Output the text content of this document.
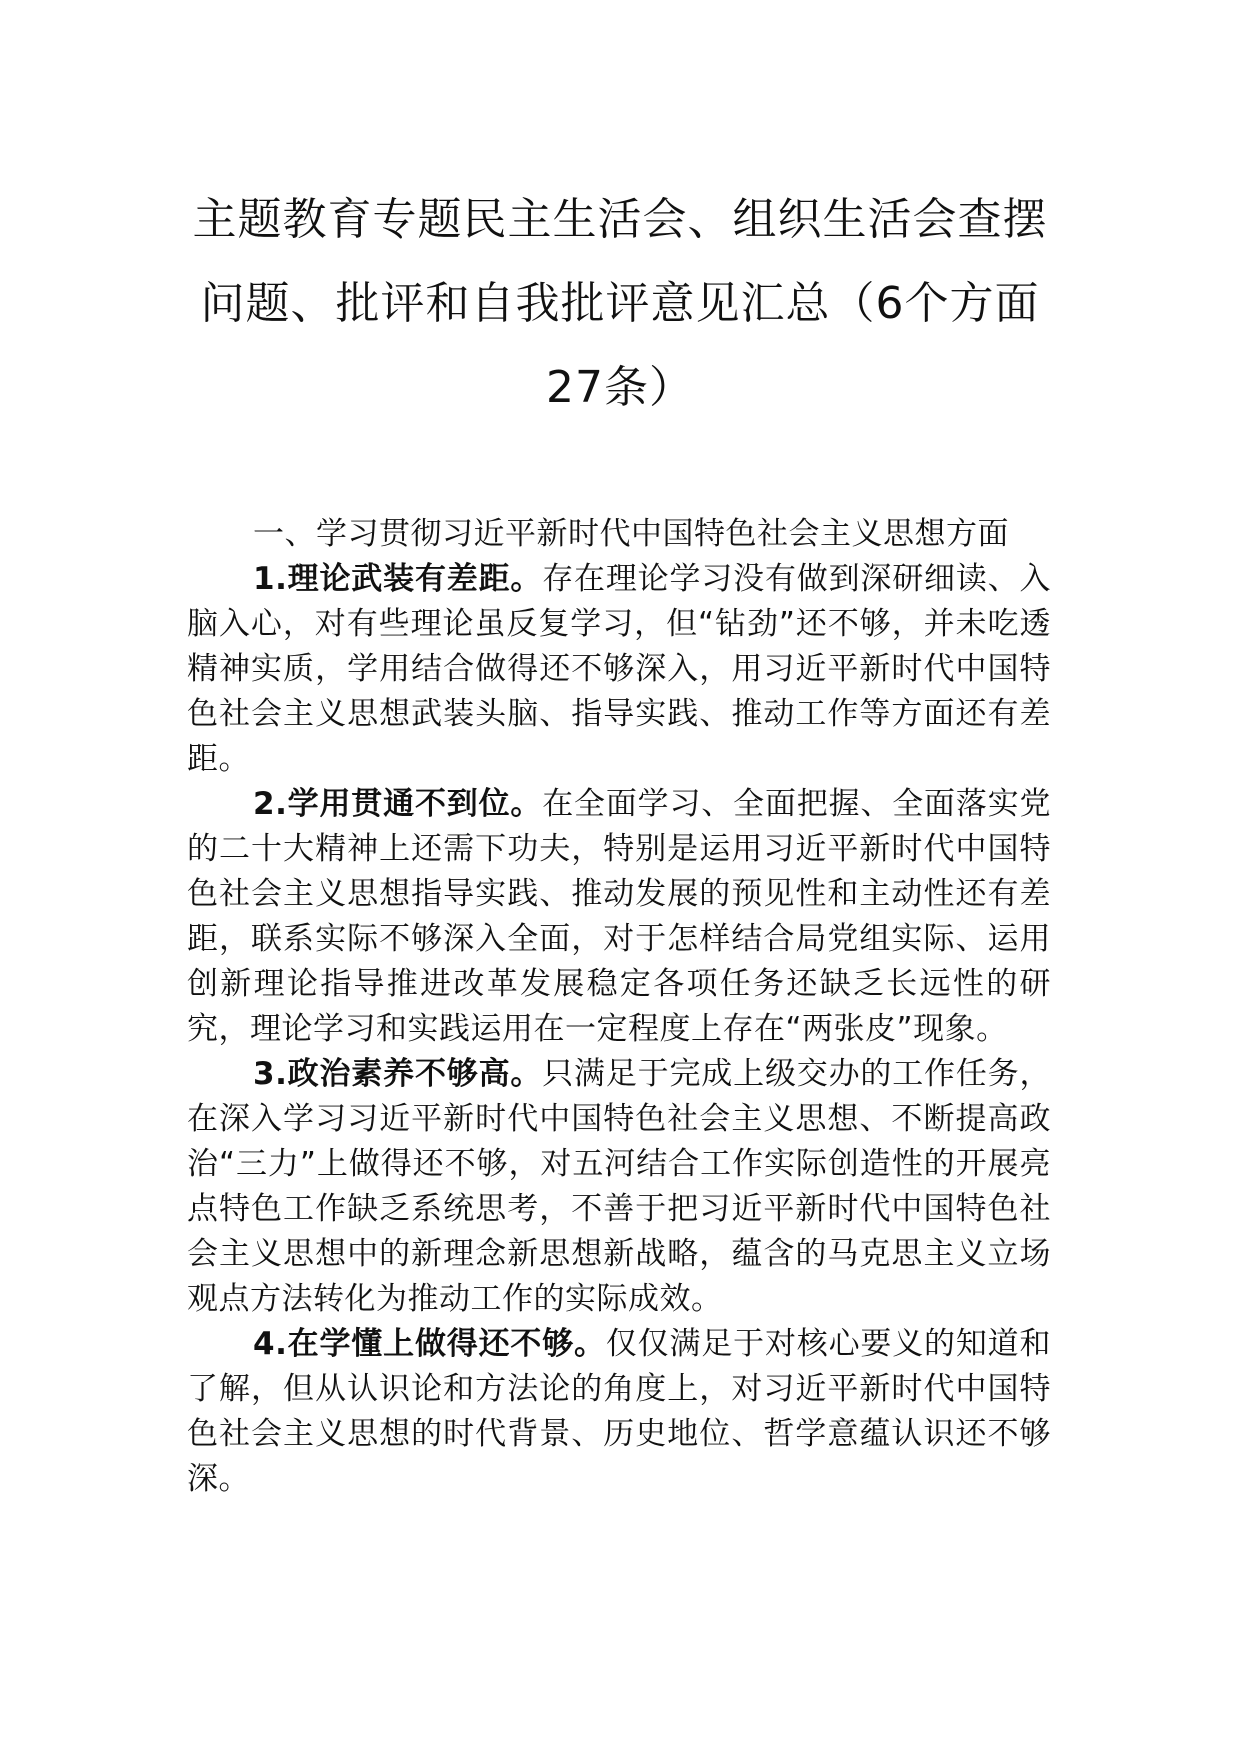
主题教育专题民主生活会、组织生活会查摆问题、批评和自我批评意见汇总（6个方面27条）

一、学习贯彻习近平新时代中国特色社会主义思想方面

1.理论武装有差距。存在理论学习没有做到深研细读、入脑入心，对有些理论虽反复学习，但“钻劲”还不够，并未吃透精神实质，学用结合做得还不够深入，用习近平新时代中国特色社会主义思想武装头脑、指导实践、推动工作等方面还有差距。

2.学用贯通不到位。在全面学习、全面把握、全面落实党的二十大精神上还需下功夫，特别是运用习近平新时代中国特色社会主义思想指导实践、推动发展的预见性和主动性还有差距，联系实际不够深入全面，对于怎样结合局党组实际、运用创新理论指导推进改革发展稳定各项任务还缺乏长远性的研究，理论学习和实践运用在一定程度上存在“两张皮”现象。

3.政治素养不够高。只满足于完成上级交办的工作任务，在深入学习习近平新时代中国特色社会主义思想、不断提高政治“三力”上做得还不够，对五河结合工作实际创造性的开展亮点特色工作缺乏系统思考，不善于把习近平新时代中国特色社会主义思想中的新理念新思想新战略，蕴含的马克思主义立场观点方法转化为推动工作的实际成效。

4.在学懂上做得还不够。仅仅满足于对核心要义的知道和了解，但从认识论和方法论的角度上，对习近平新时代中国特色社会主义思想的时代背景、历史地位、哲学意蕴认识还不够深。
